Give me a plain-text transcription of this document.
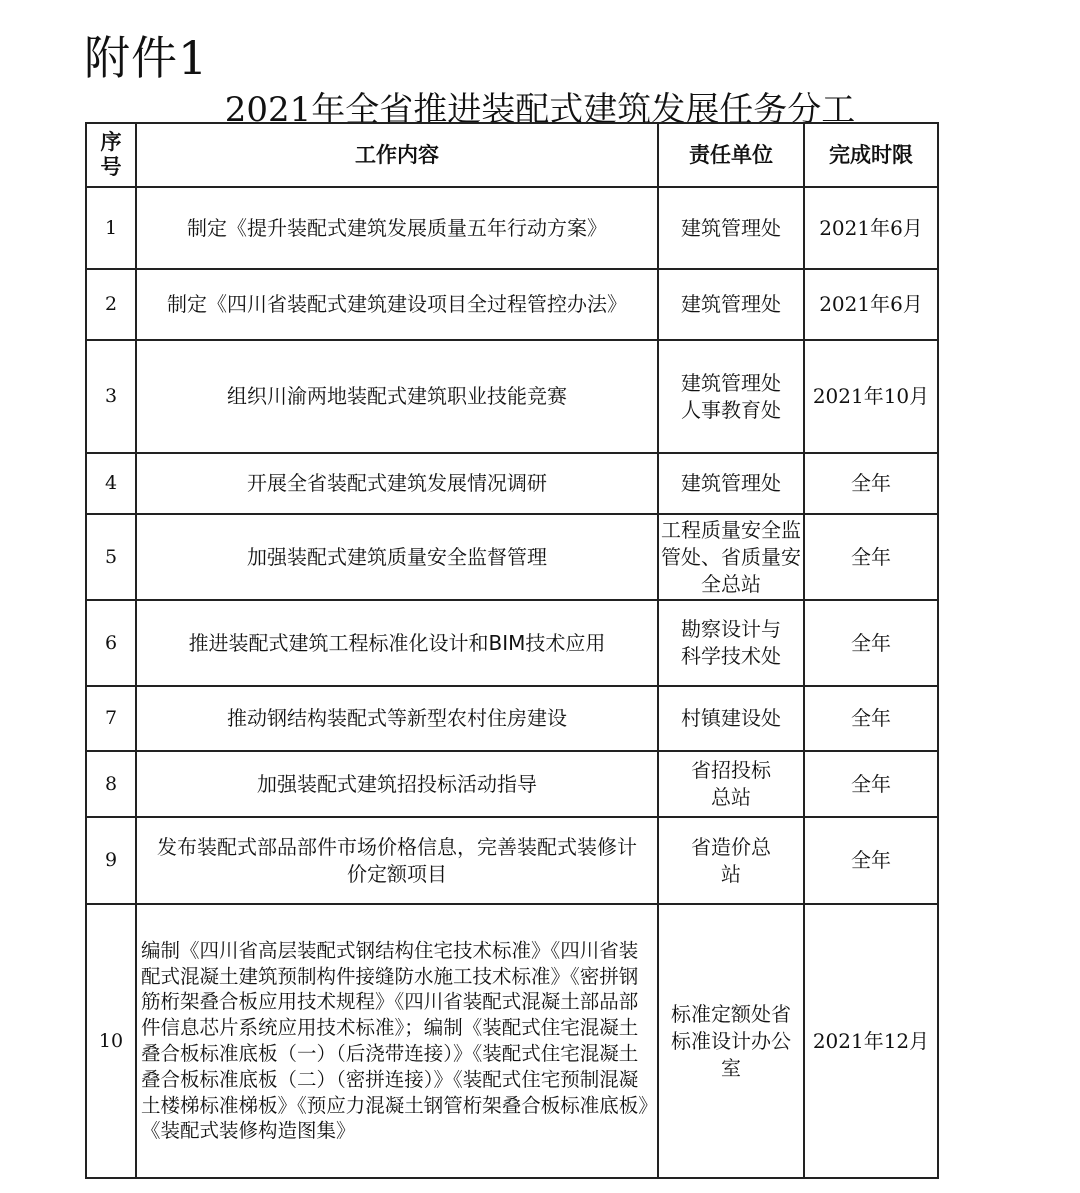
附件1
2021年全省推进装配式建筑发展任务分工
序
号	工作内容	责任单位	完成时限
1	制定《提升装配式建筑发展质量五年行动方案》	建筑管理处	2021年6月
2	制定《四川省装配式建筑建设项目全过程管控办法》	建筑管理处	2021年6月
3	组织川渝两地装配式建筑职业技能竞赛	建筑管理处人事教育处	2021年10月
4	开展全省装配式建筑发展情况调研	建筑管理处	全年
5	加强装配式建筑质量安全监督管理	工程质量安全监管处、省质量安全总站	全年
6	推进装配式建筑工程标准化设计和BIM技术应用	勘察设计与科学技术处	全年
7	推动钢结构装配式等新型农村住房建设	村镇建设处	全年
8	加强装配式建筑招投标活动指导	省招投标总站	全年
9	发布装配式部品部件市场价格信息，完善装配式装修计价定额项目	省造价总站	全年
10	编制《四川省高层装配式钢结构住宅技术标准》《四川省装配式混凝土建筑预制构件接缝防水施工技术标准》《密拼钢筋桁架叠合板应用技术规程》《四川省装配式混凝土部品部件信息芯片系统应用技术标准》；编制《装配式住宅混凝土叠合板标准底板（一）（后浇带连接）》《装配式住宅混凝土叠合板标准底板（二）（密拼连接）》《装配式住宅预制混凝土楼梯标准梯板》《预应力混凝土钢管桁架叠合板标准底板》《装配式装修构造图集》	标准定额处省标准设计办公室	2021年12月
